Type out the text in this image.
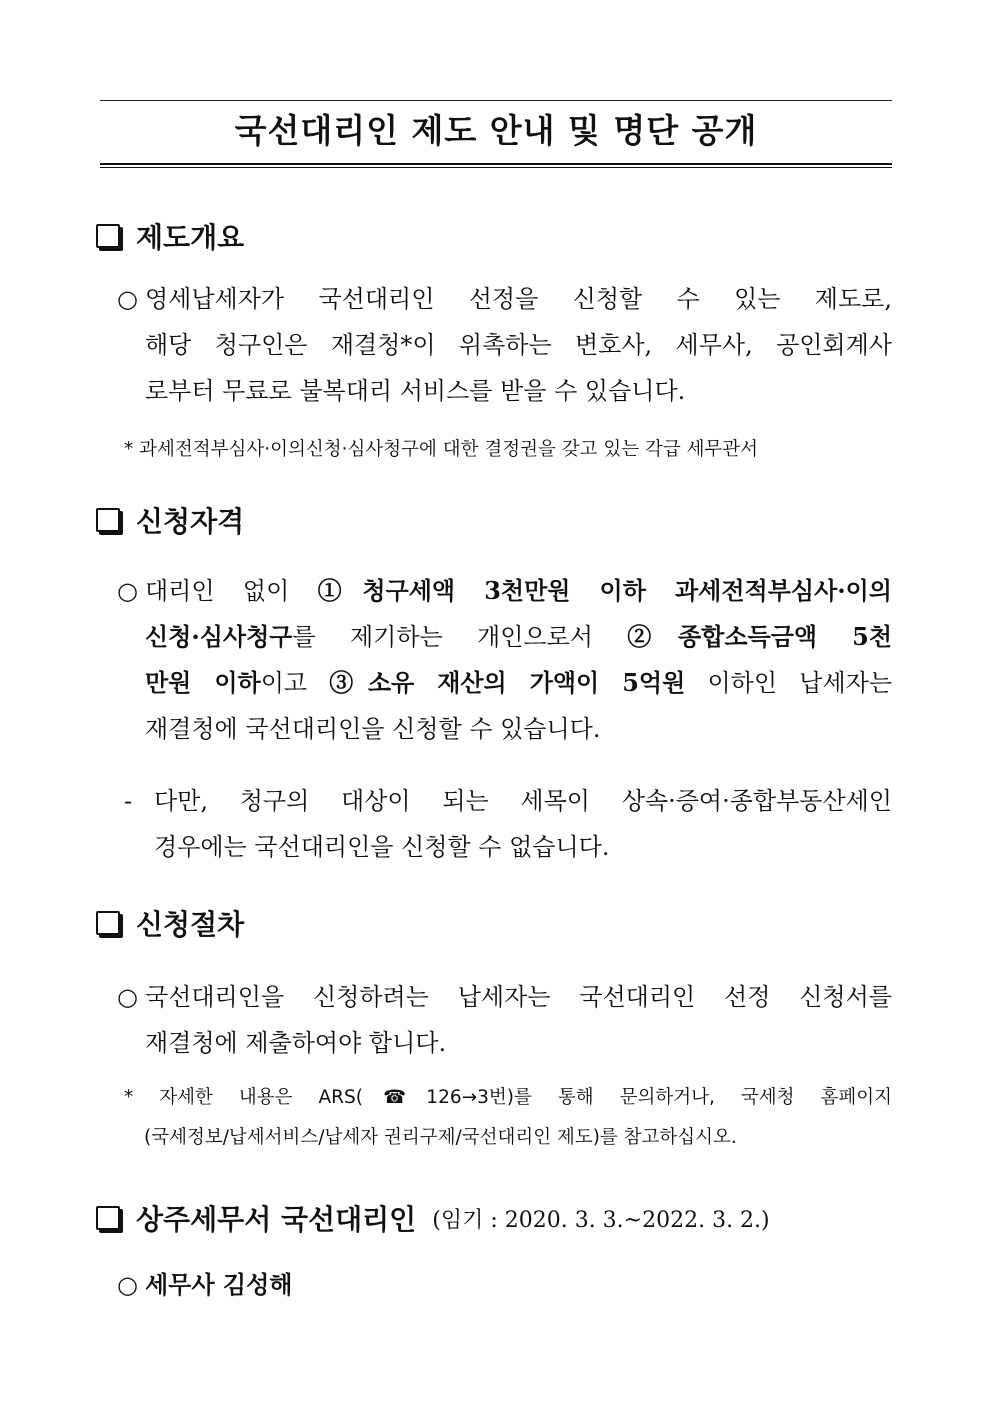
국선대리인 제도 안내 및 명단 공개
제도개요
○ 영세납세자가 국선대리인 선정을 신청할 수 있는 제도로,
해당 청구인은 재결청*이 위촉하는 변호사, 세무사, 공인회계사
로부터 무료로 불복대리 서비스를 받을 수 있습니다.
* 과세전적부심사·이의신청·심사청구에 대한 결정권을 갖고 있는 각급 세무관서
신청자격
○ 대리인 없이 ①청구세액 3천만원 이하 과세전적부심사·이의
신청·심사청구를 제기하는 개인으로서 ②종합소득금액 5천
만원 이하이고 ③소유 재산의 가액이 5억원 이하인 납세자는
재결청에 국선대리인을 신청할 수 있습니다.
- 다만, 청구의 대상이 되는 세목이 상속·증여·종합부동산세인
경우에는 국선대리인을 신청할 수 없습니다.
신청절차
○ 국선대리인을 신청하려는 납세자는 국선대리인 선정 신청서를
재결청에 제출하여야 합니다.
* 자세한 내용은 ARS(☎126→3번)를 통해 문의하거나, 국세청 홈페이지
(국세정보/납세서비스/납세자 권리구제/국선대리인 제도)를 참고하십시오.
상주세무서 국선대리인 (임기 : 2020. 3. 3.~2022. 3. 2.)
○ 세무사 김성해
